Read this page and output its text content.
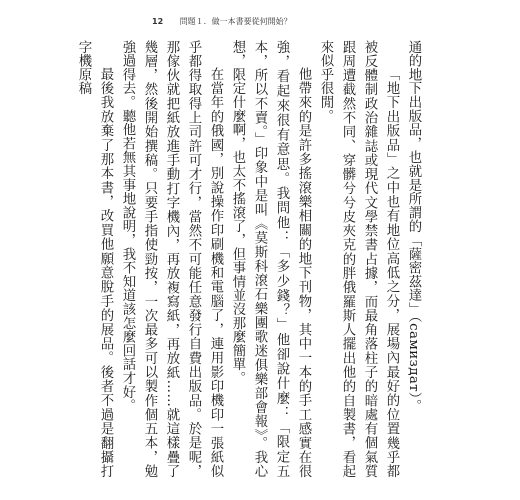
12 問題１．做一本書要從何開始？

通的地下出版品，也就是所謂的「薩密茲達」（самиздат）。

「地下出版品」之中也有地位高低之分，展場內最好的位置幾乎都被反體制政治雜誌或現代文學禁書占據，而最角落柱子的暗處有個氣質跟周遭截然不同、穿髒兮兮皮夾克的胖俄羅斯人擺出他的自製書，看起來似乎很閒。

他帶來的是許多搖滾樂相關的地下刊物，其中一本的手工感實在很強，看起來很有意思。我問他：「多少錢？」他卻說什麼：「限定五本，所以不賣。」印象中是叫《莫斯科滾石樂團歌迷俱樂部會報》。我心想，限定什麼啊，也太不搖滾了，但事情並沒那麼簡單。

在當年的俄國，別說操作印刷機和電腦了，連用影印機印一張紙似乎都得取得上司許可才行，當然不可能任意發行自費出版品。於是呢，那傢伙就把紙放進手動打字機內，再放複寫紙，再放紙……就這樣疊了幾層，然後開始撰稿。只要手指使勁按，一次最多可以製作個五本，勉強過得去。聽他若無其事地說明，我不知道該怎麼回話才好。

最後我放棄了那本書，改買他願意脫手的展品。後者不過是翻攝打字機原稿
